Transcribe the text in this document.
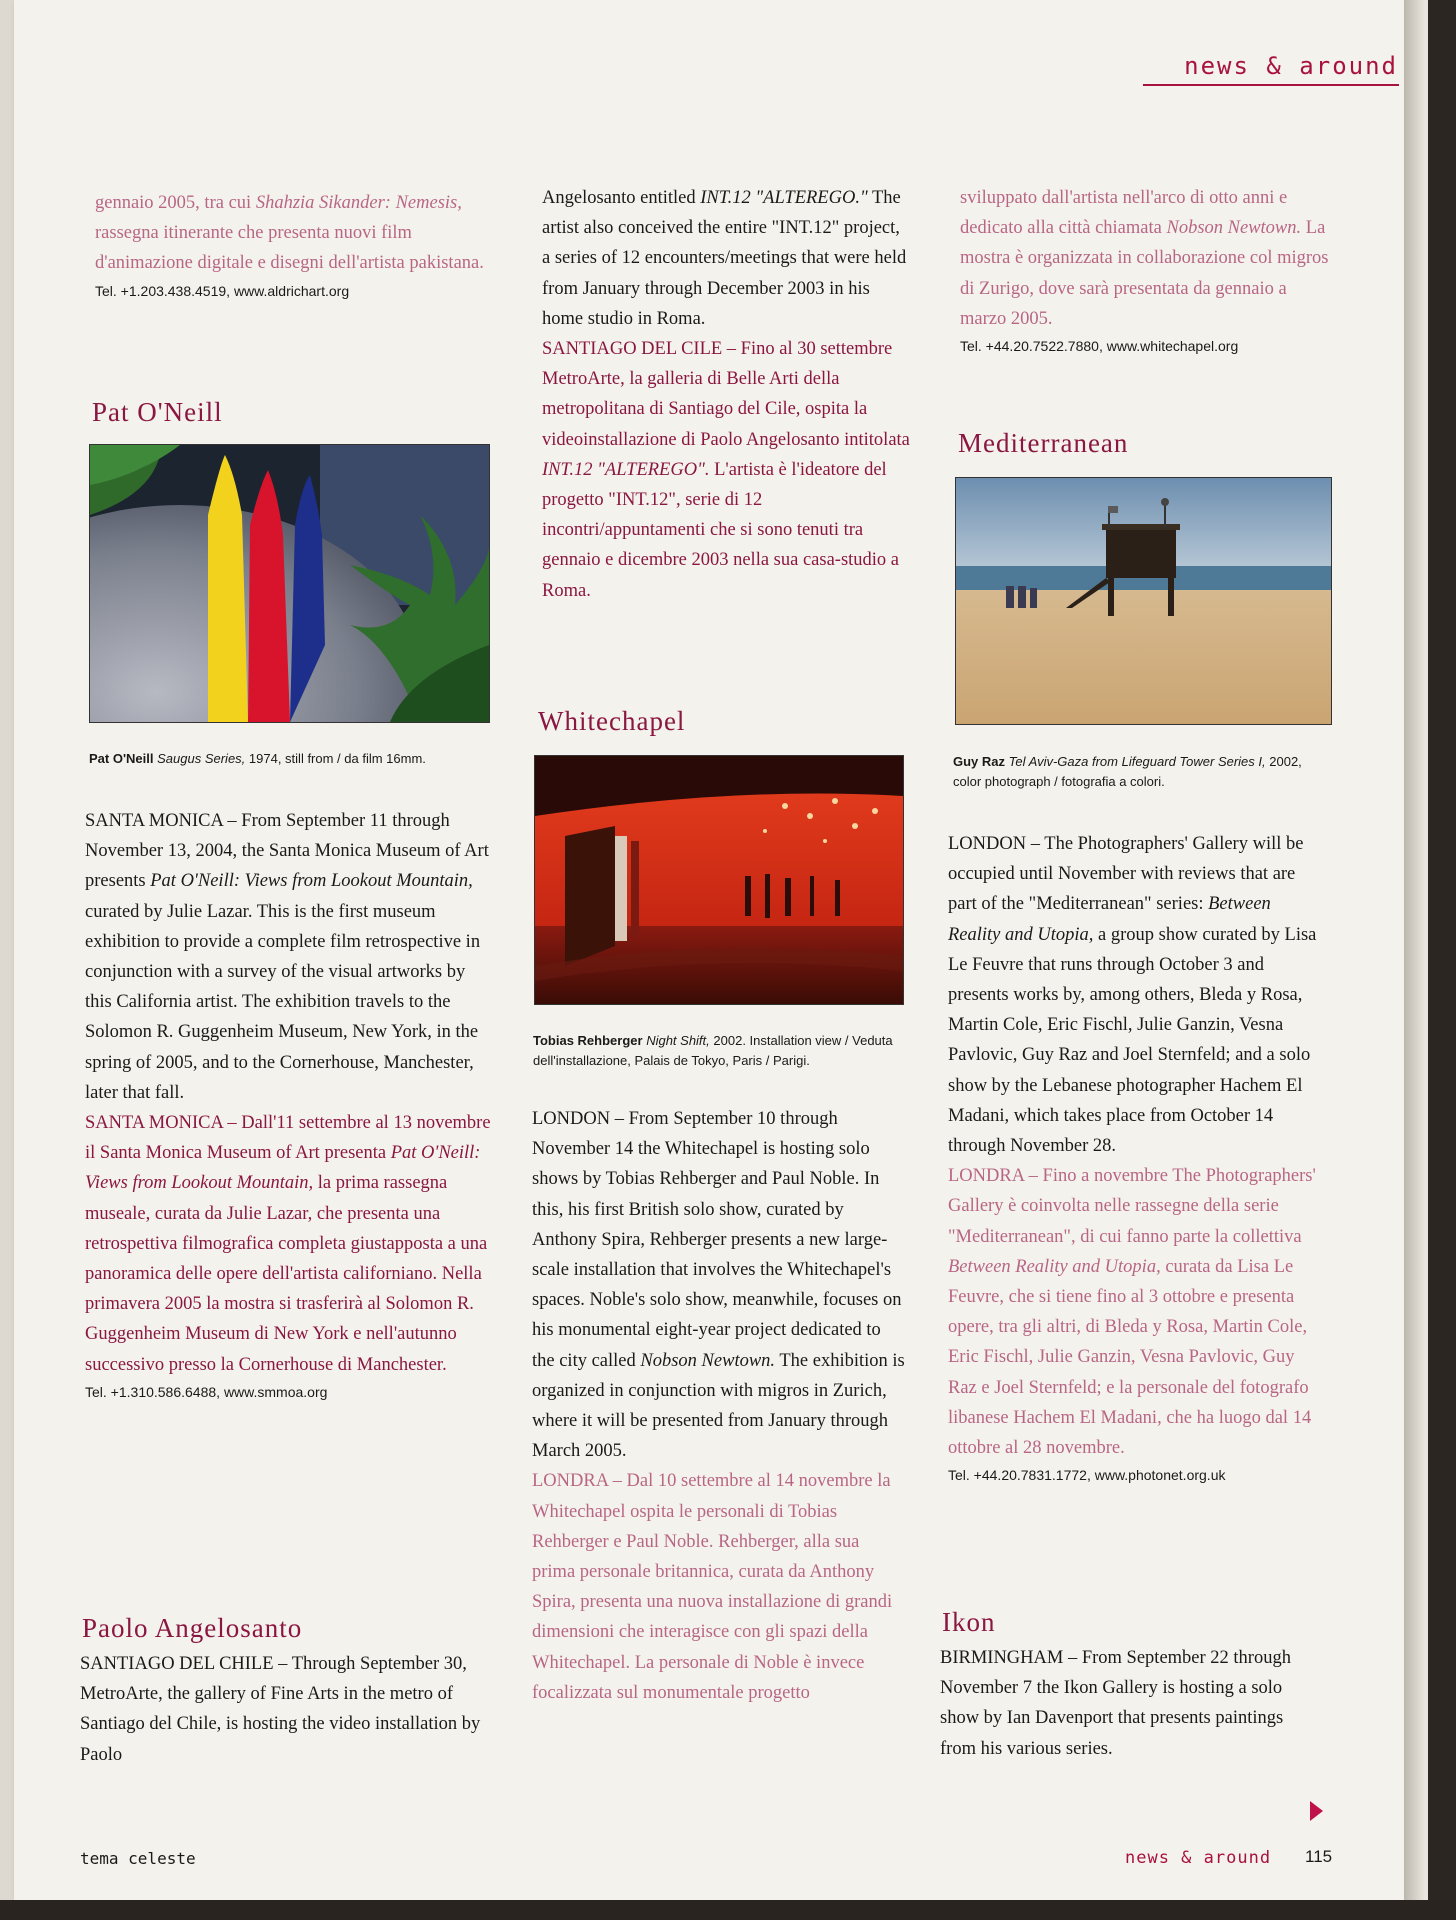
news & around

gennaio 2005, tra cui Shahzia Sikander: Nemesis, rassegna itinerante che presenta nuovi film d'animazione digitale e disegni dell'artista pakistana.

Tel. +1.203.438.4519, www.aldrichart.org

Pat O'Neill

Pat O'Neill Saugus Series, 1974, still from / da film 16mm.

SANTA MONICA – From September 11 through November 13, 2004, the Santa Monica Museum of Art presents Pat O'Neill: Views from Lookout Mountain, curated by Julie Lazar. This is the first museum exhibition to provide a complete film retrospective in conjunction with a survey of the visual artworks by this California artist. The exhibition travels to the Solomon R. Guggenheim Museum, New York, in the spring of 2005, and to the Cornerhouse, Manchester, later that fall.

SANTA MONICA – Dall'11 settembre al 13 novembre il Santa Monica Museum of Art presenta Pat O'Neill: Views from Lookout Mountain, la prima rassegna museale, curata da Julie Lazar, che presenta una retrospettiva filmografica completa giustapposta a una panoramica delle opere dell'artista californiano. Nella primavera 2005 la mostra si trasferirà al Solomon R. Guggenheim Museum di New York e nell'autunno successivo presso la Cornerhouse di Manchester.

Tel. +1.310.586.6488, www.smmoa.org

Paolo Angelosanto

SANTIAGO DEL CHILE – Through September 30, MetroArte, the gallery of Fine Arts in the metro of Santiago del Chile, is hosting the video installation by Paolo

Angelosanto entitled INT.12 "ALTEREGO." The artist also conceived the entire "INT.12" project, a series of 12 encounters/meetings that were held from January through December 2003 in his home studio in Roma.

SANTIAGO DEL CILE – Fino al 30 settembre MetroArte, la galleria di Belle Arti della metropolitana di Santiago del Cile, ospita la videoinstallazione di Paolo Angelosanto intitolata INT.12 "ALTEREGO". L'artista è l'ideatore del progetto "INT.12", serie di 12 incontri/appuntamenti che si sono tenuti tra gennaio e dicembre 2003 nella sua casa-studio a Roma.

Whitechapel

Tobias Rehberger Night Shift, 2002. Installation view / Veduta dell'installazione, Palais de Tokyo, Paris / Parigi.

LONDON – From September 10 through November 14 the Whitechapel is hosting solo shows by Tobias Rehberger and Paul Noble. In this, his first British solo show, curated by Anthony Spira, Rehberger presents a new large-scale installation that involves the Whitechapel's spaces. Noble's solo show, meanwhile, focuses on his monumental eight-year project dedicated to the city called Nobson Newtown. The exhibition is organized in conjunction with migros in Zurich, where it will be presented from January through March 2005.

LONDRA – Dal 10 settembre al 14 novembre la Whitechapel ospita le personali di Tobias Rehberger e Paul Noble. Rehberger, alla sua prima personale britannica, curata da Anthony Spira, presenta una nuova installazione di grandi dimensioni che interagisce con gli spazi della Whitechapel. La personale di Noble è invece focalizzata sul monumentale progetto

sviluppato dall'artista nell'arco di otto anni e dedicato alla città chiamata Nobson Newtown. La mostra è organizzata in collaborazione col migros di Zurigo, dove sarà presentata da gennaio a marzo 2005.

Tel. +44.20.7522.7880, www.whitechapel.org

Mediterranean

Guy Raz Tel Aviv-Gaza from Lifeguard Tower Series I, 2002, color photograph / fotografia a colori.

LONDON – The Photographers' Gallery will be occupied until November with reviews that are part of the "Mediterranean" series: Between Reality and Utopia, a group show curated by Lisa Le Feuvre that runs through October 3 and presents works by, among others, Bleda y Rosa, Martin Cole, Eric Fischl, Julie Ganzin, Vesna Pavlovic, Guy Raz and Joel Sternfeld; and a solo show by the Lebanese photographer Hachem El Madani, which takes place from October 14 through November 28.

LONDRA – Fino a novembre The Photographers' Gallery è coinvolta nelle rassegne della serie "Mediterranean", di cui fanno parte la collettiva Between Reality and Utopia, curata da Lisa Le Feuvre, che si tiene fino al 3 ottobre e presenta opere, tra gli altri, di Bleda y Rosa, Martin Cole, Eric Fischl, Julie Ganzin, Vesna Pavlovic, Guy Raz e Joel Sternfeld; e la personale del fotografo libanese Hachem El Madani, che ha luogo dal 14 ottobre al 28 novembre.

Tel. +44.20.7831.1772, www.photonet.org.uk

Ikon

BIRMINGHAM – From September 22 through November 7 the Ikon Gallery is hosting a solo show by Ian Davenport that presents paintings from his various series.

tema celeste	news & around 115
